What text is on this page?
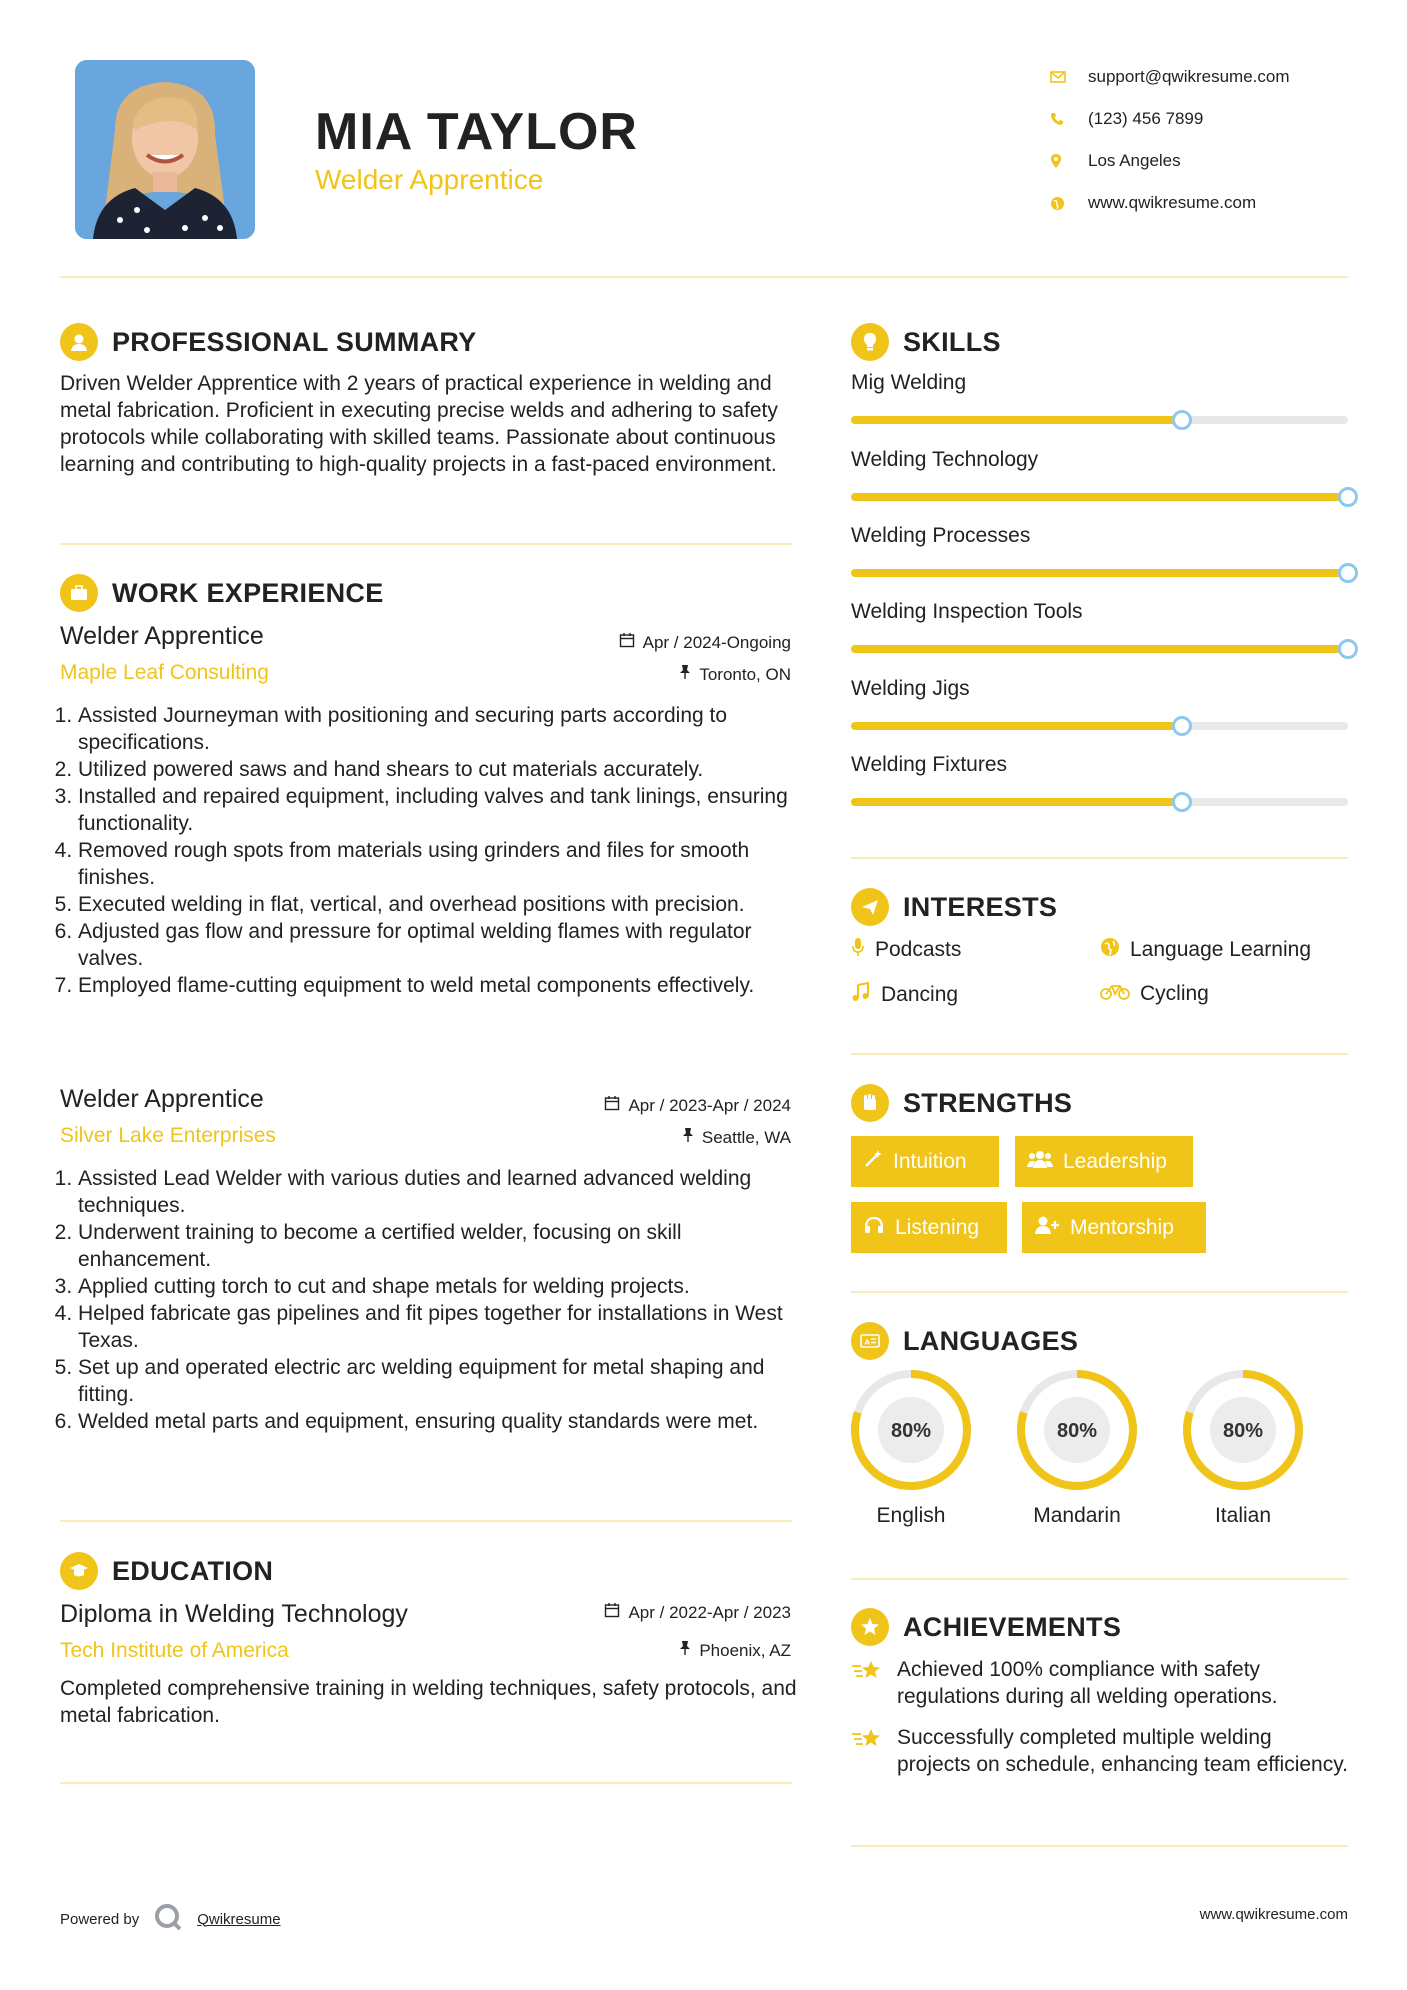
MIA TAYLOR
Welder Apprentice
support@qwikresume.com
(123) 456 7899
Los Angeles
www.qwikresume.com
PROFESSIONAL SUMMARY
Driven Welder Apprentice with 2 years of practical experience in welding and metal fabrication. Proficient in executing precise welds and adhering to safety protocols while collaborating with skilled teams. Passionate about continuous learning and contributing to high-quality projects in a fast-paced environment.
WORK EXPERIENCE
Welder Apprentice
Maple Leaf Consulting
Apr / 2024-Ongoing
Toronto, ON
1. Assisted Journeyman with positioning and securing parts according to specifications.
2. Utilized powered saws and hand shears to cut materials accurately.
3. Installed and repaired equipment, including valves and tank linings, ensuring functionality.
4. Removed rough spots from materials using grinders and files for smooth finishes.
5. Executed welding in flat, vertical, and overhead positions with precision.
6. Adjusted gas flow and pressure for optimal welding flames with regulator valves.
7. Employed flame-cutting equipment to weld metal components effectively.
Welder Apprentice
Silver Lake Enterprises
Apr / 2023-Apr / 2024
Seattle, WA
1. Assisted Lead Welder with various duties and learned advanced welding techniques.
2. Underwent training to become a certified welder, focusing on skill enhancement.
3. Applied cutting torch to cut and shape metals for welding projects.
4. Helped fabricate gas pipelines and fit pipes together for installations in West Texas.
5. Set up and operated electric arc welding equipment for metal shaping and fitting.
6. Welded metal parts and equipment, ensuring quality standards were met.
EDUCATION
Diploma in Welding Technology
Tech Institute of America
Apr / 2022-Apr / 2023
Phoenix, AZ
Completed comprehensive training in welding techniques, safety protocols, and metal fabrication.
SKILLS
Mig Welding
Welding Technology
Welding Processes
Welding Inspection Tools
Welding Jigs
Welding Fixtures
INTERESTS
Podcasts	Language Learning
Dancing	Cycling
STRENGTHS
Intuition	Leadership
Listening	Mentorship
A LANGUAGES
80%
English
80%
Mandarin
80%
Italian
ACHIEVEMENTS
Achieved 100% compliance with safety regulations during all welding operations.
Successfully completed multiple welding projects on schedule, enhancing team efficiency.
Powered by	Qwikresume	www.qwikresume.com
